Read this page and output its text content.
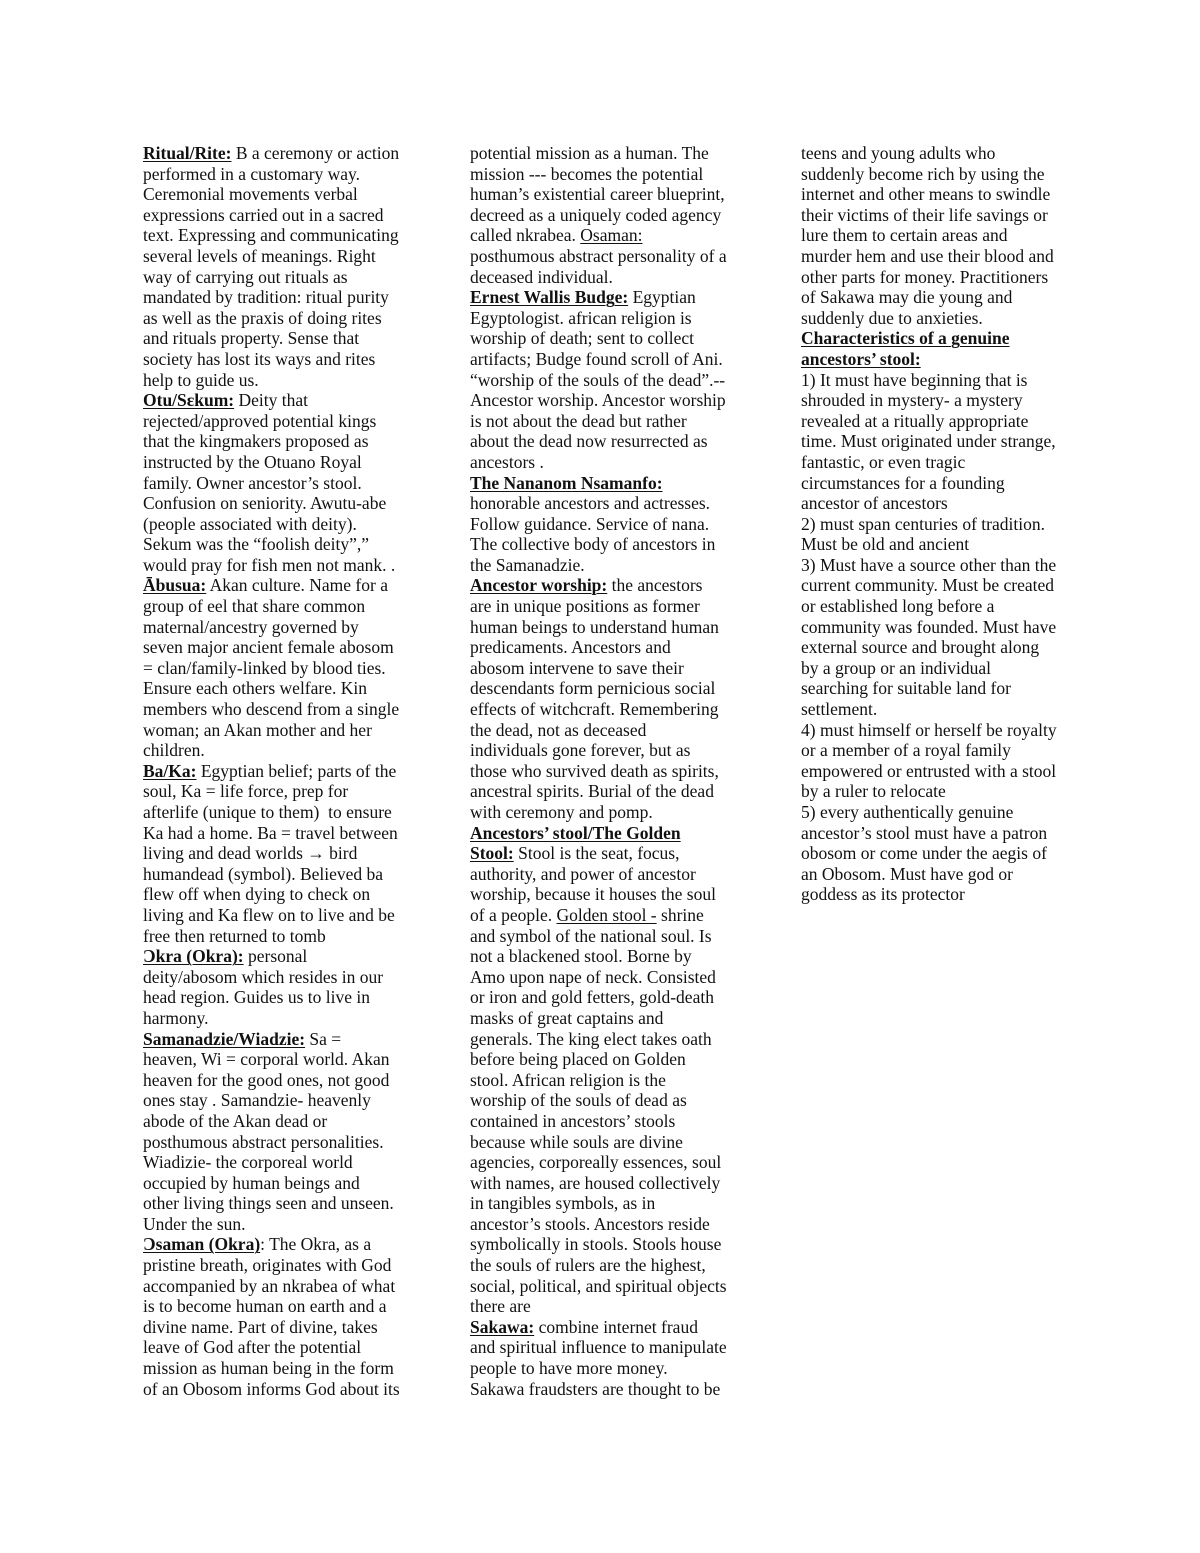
Ritual/Rite: B a ceremony or action
performed in a customary way.
Ceremonial movements verbal
expressions carried out in a sacred
text. Expressing and communicating
several levels of meanings. Right
way of carrying out rituals as
mandated by tradition: ritual purity
as well as the praxis of doing rites
and rituals property. Sense that
society has lost its ways and rites
help to guide us.
Otu/Sɛkum: Deity that
rejected/approved potential kings
that the kingmakers proposed as
instructed by the Otuano Royal
family. Owner ancestor’s stool.
Confusion on seniority. Awutu-abe
(people associated with deity).
Sekum was the “foolish deity”,”
would pray for fish men not mank. .
Ābusua: Akan culture. Name for a
group of eel that share common
maternal/ancestry governed by
seven major ancient female abosom
= clan/family-linked by blood ties.
Ensure each others welfare. Kin
members who descend from a single
woman; an Akan mother and her
children.
Ba/Ka: Egyptian belief; parts of the
soul, Ka = life force, prep for
afterlife (unique to them)  to ensure
Ka had a home. Ba = travel between
living and dead worlds → bird
humandead (symbol). Believed ba
flew off when dying to check on
living and Ka flew on to live and be
free then returned to tomb
Ɔkra (Okra): personal
deity/abosom which resides in our
head region. Guides us to live in
harmony.
Samanadzie/Wiadzie: Sa =
heaven, Wi = corporal world. Akan
heaven for the good ones, not good
ones stay . Samandzie- heavenly
abode of the Akan dead or
posthumous abstract personalities.
Wiadizie- the corporeal world
occupied by human beings and
other living things seen and unseen.
Under the sun.
Ɔsaman (Okra): The Okra, as a
pristine breath, originates with God
accompanied by an nkrabea of what
is to become human on earth and a
divine name. Part of divine, takes
leave of God after the potential
mission as human being in the form
of an Obosom informs God about its
potential mission as a human. The
mission --- becomes the potential
human’s existential career blueprint,
decreed as a uniquely coded agency
called nkrabea. Osaman:
posthumous abstract personality of a
deceased individual.
Ernest Wallis Budge: Egyptian
Egyptologist. african religion is
worship of death; sent to collect
artifacts; Budge found scroll of Ani.
“worship of the souls of the dead”.--
Ancestor worship. Ancestor worship
is not about the dead but rather
about the dead now resurrected as
ancestors .
The Nananom Nsamanfo:
honorable ancestors and actresses.
Follow guidance. Service of nana.
The collective body of ancestors in
the Samanadzie.
Ancestor worship: the ancestors
are in unique positions as former
human beings to understand human
predicaments. Ancestors and
abosom intervene to save their
descendants form pernicious social
effects of witchcraft. Remembering
the dead, not as deceased
individuals gone forever, but as
those who survived death as spirits,
ancestral spirits. Burial of the dead
with ceremony and pomp.
Ancestors’ stool/The Golden
Stool: Stool is the seat, focus,
authority, and power of ancestor
worship, because it houses the soul
of a people. Golden stool - shrine
and symbol of the national soul. Is
not a blackened stool. Borne by
Amo upon nape of neck. Consisted
or iron and gold fetters, gold-death
masks of great captains and
generals. The king elect takes oath
before being placed on Golden
stool. African religion is the
worship of the souls of dead as
contained in ancestors’ stools
because while souls are divine
agencies, corporeally essences, soul
with names, are housed collectively
in tangibles symbols, as in
ancestor’s stools. Ancestors reside
symbolically in stools. Stools house
the souls of rulers are the highest,
social, political, and spiritual objects
there are
Sakawa: combine internet fraud
and spiritual influence to manipulate
people to have more money.
Sakawa fraudsters are thought to be
teens and young adults who
suddenly become rich by using the
internet and other means to swindle
their victims of their life savings or
lure them to certain areas and
murder hem and use their blood and
other parts for money. Practitioners
of Sakawa may die young and
suddenly due to anxieties.
Characteristics of a genuine
ancestors’ stool:
1) It must have beginning that is
shrouded in mystery- a mystery
revealed at a ritually appropriate
time. Must originated under strange,
fantastic, or even tragic
circumstances for a founding
ancestor of ancestors
2) must span centuries of tradition.
Must be old and ancient
3) Must have a source other than the
current community. Must be created
or established long before a
community was founded. Must have
external source and brought along
by a group or an individual
searching for suitable land for
settlement.
4) must himself or herself be royalty
or a member of a royal family
empowered or entrusted with a stool
by a ruler to relocate
5) every authentically genuine
ancestor’s stool must have a patron
obosom or come under the aegis of
an Obosom. Must have god or
goddess as its protector
